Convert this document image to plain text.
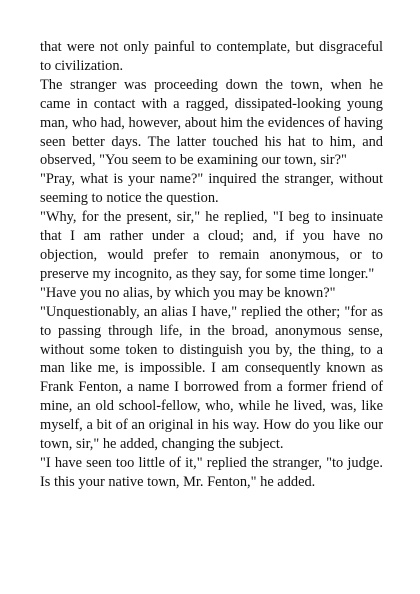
that were not only painful to contemplate, but disgraceful to civilization.

The stranger was proceeding down the town, when he came in contact with a ragged, dissipated-looking young man, who had, however, about him the evidences of having seen better days. The latter touched his hat to him, and observed, "You seem to be examining our town, sir?"

"Pray, what is your name?" inquired the stranger, without seeming to notice the question.

"Why, for the present, sir," he replied, "I beg to insinuate that I am rather under a cloud; and, if you have no objection, would prefer to remain anonymous, or to preserve my incognito, as they say, for some time longer."

"Have you no alias, by which you may be known?"

"Unquestionably, an alias I have," replied the other; "for as to passing through life, in the broad, anonymous sense, without some token to distinguish you by, the thing, to a man like me, is impossible. I am consequently known as Frank Fenton, a name I borrowed from a former friend of mine, an old school-fellow, who, while he lived, was, like myself, a bit of an original in his way. How do you like our town, sir," he added, changing the subject.

"I have seen too little of it," replied the stranger, "to judge. Is this your native town, Mr. Fenton," he added.
